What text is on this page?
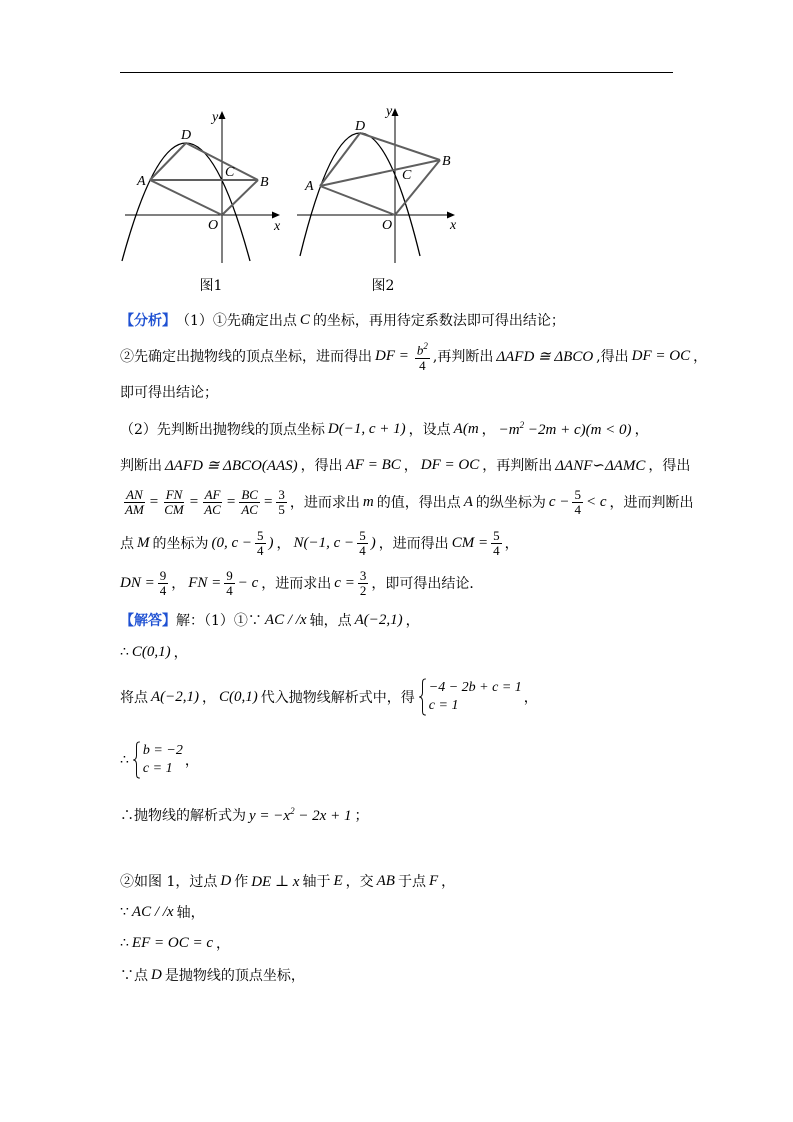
D
A
C
B
O
y
x
图1
D
A
B
C
O
y
x
图2
【分析】 （1）①先确定出点 C 的坐标，再用待定系数法即可得出结论；
②先确定出抛物线的顶点坐标，进而得出 DF = $\frac{b^2}{4}$ ,再判断出 ΔAFD ≅ ΔBCO ,得出 DF = OC ，
即可得出结论；
（2）先判断出抛物线的顶点坐标 D(−1, c + 1) ，设点 A(m ， $-m^2 -2m + c)(m < 0)$ ，
判断出 ΔAFD ≅ ΔBCO(AAS) ，得出 AF = BC ， DF = OC ，再判断出 ΔANF∽ΔAMC ，得出
$\frac{AN}{AM} = \frac{FN}{CM} = \frac{AF}{AC} = \frac{BC}{AC} = \frac{3}{5}$ ，进而求出 m 的值，得出点 A 的纵坐标为 $c - \frac{5}{4} < c$ ，进而判断出
点 M 的坐标为 (0, $c - \frac{5}{4}$ ) ， N(−1, $c - \frac{5}{4}$ ) ，进而得出 CM = $\frac{5}{4}$ ，
DN = $\frac{9}{4}$ ， FN = $\frac{9}{4} - c$ ，进而求出 $c = \frac{3}{2}$ ，即可得出结论．
【解答】 解：（1）①∵ AC / /x 轴，点 A(−2,1) ，
∴ C(0,1) ，
将点 A(−2,1) ， C(0,1) 代入抛物线解析式中，得
−4 − 2b + c = 1
c = 1	，
∴
b = −2
c = 1 ，
∴抛物线的解析式为 $y = -x^2 - 2x + 1$ ；
②如图 1，过点 D 作 DE ⊥ x 轴于 E ，交 AB 于点 F ，
∵ AC / /x 轴，
∴ EF = OC = c ，
∵点 D 是抛物线的顶点坐标，
